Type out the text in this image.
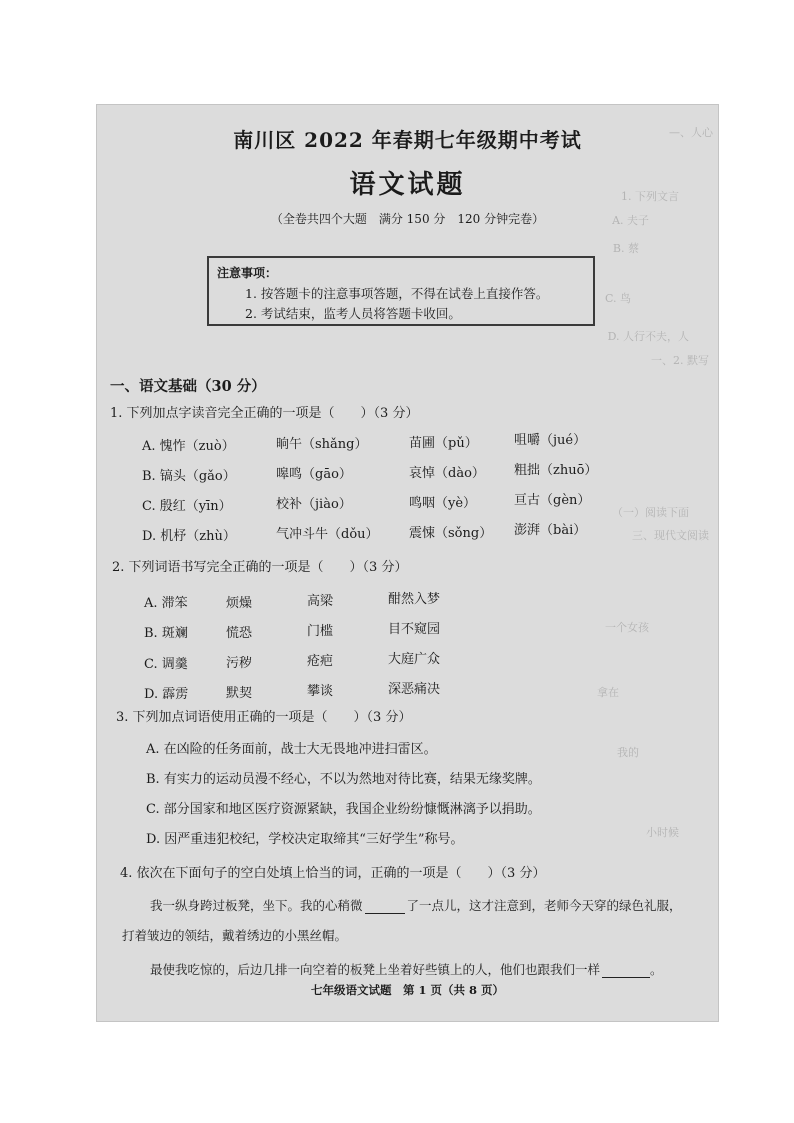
—、人心
1. 下列文言
A. 夫子
B. 蔡
C. 鸟
D. 人行不夫，人
一、2. 默写
（一）阅读下面
三、现代文阅读
一个女孩
拿在
我的
小时候
南川区 2022 年春期七年级期中考试
语文试题
（全卷共四个大题　满分 150 分　120 分钟完卷）
注意事项：
1. 按答题卡的注意事项答题，不得在试卷上直接作答。
2. 考试结束，监考人员将答题卡收回。
一、语文基础（30 分）
1. 下列加点字读音完全正确的一项是（　　）（3 分）
A. 愧怍（zuò）	晌午（shǎng）	苗圃（pǔ）	咀嚼（jué）
B. 镐头（gǎo）	嗥鸣（gāo）	哀悼（dào） 粗拙（zhuō）
C. 殷红（yīn）	校补（jiào）	鸣咽（yè）	亘古（gèn）
D. 机杼（zhù）	气冲斗牛（dǒu） 震悚（sǒng） 澎湃（bài）
2. 下列词语书写完全正确的一项是（　　）（3 分）
A. 滞笨	烦燥	高梁	酣然入梦
B. 斑斓	慌恐	门槛	目不窥园
C. 调羹	污秽	疮疤	大庭广众
D. 霹雳	默契	攀谈	深恶痛决
3. 下列加点词语使用正确的一项是（　　）（3 分）
A. 在凶险的任务面前，战士大无畏地冲进扫雷区。
B. 有实力的运动员漫不经心，不以为然地对待比赛，结果无缘奖牌。
C. 部分国家和地区医疗资源紧缺，我国企业纷纷慷慨淋漓予以捐助。
D. 因严重违犯校纪，学校决定取缔其“三好学生”称号。
4. 依次在下面句子的空白处填上恰当的词，正确的一项是（　　）（3 分）
我一纵身跨过板凳，坐下。我的心稍微	了一点儿，这才注意到，老师今天穿的绿色礼服，
打着皱边的领结，戴着绣边的小黑丝帽。
最使我吃惊的，后边几排一向空着的板凳上坐着好些镇上的人，他们也跟我们一样	。
七年级语文试题　第 1 页（共 8 页）
